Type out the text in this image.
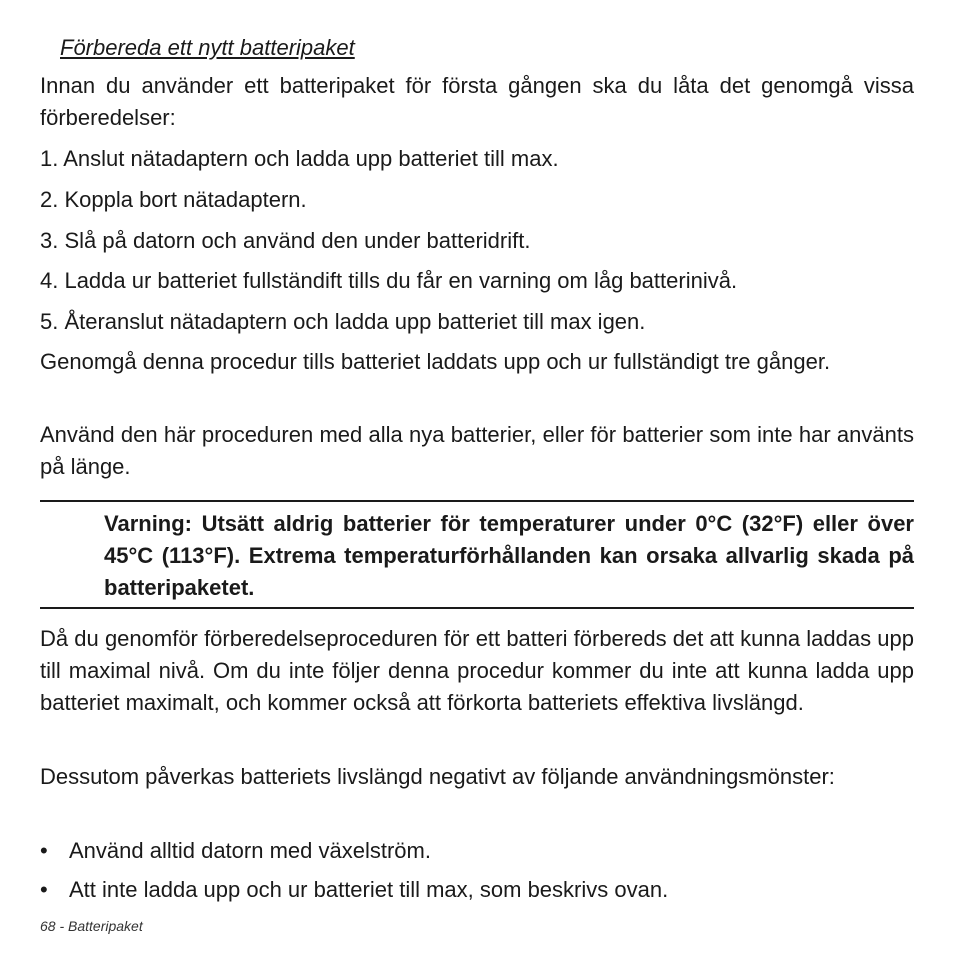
Förbereda ett nytt batteripaket

Innan du använder ett batteripaket för första gången ska du låta det genomgå vissa förberedelser:

1. Anslut nätadaptern och ladda upp batteriet till max.
2. Koppla bort nätadaptern.
3. Slå på datorn och använd den under batteridrift.
4. Ladda ur batteriet fullständift tills du får en varning om låg batterinivå.
5. Återanslut nätadaptern och ladda upp batteriet till max igen.

Genomgå denna procedur tills batteriet laddats upp och ur fullständigt tre gånger.

Använd den här proceduren med alla nya batterier, eller för batterier som inte har använts på länge.

Varning: Utsätt aldrig batterier för temperaturer under 0°C (32°F) eller över 45°C (113°F). Extrema temperaturförhållanden kan orsaka allvarlig skada på batteripaketet.

Då du genomför förberedelseproceduren för ett batteri förbereds det att kunna laddas upp till maximal nivå. Om du inte följer denna procedur kommer du inte att kunna ladda upp batteriet maximalt, och kommer också att förkorta batteriets effektiva livslängd.

Dessutom påverkas batteriets livslängd negativt av följande användningsmönster:

• Använd alltid datorn med växelström.
• Att inte ladda upp och ur batteriet till max, som beskrivs ovan.
68 - Batteripaket
